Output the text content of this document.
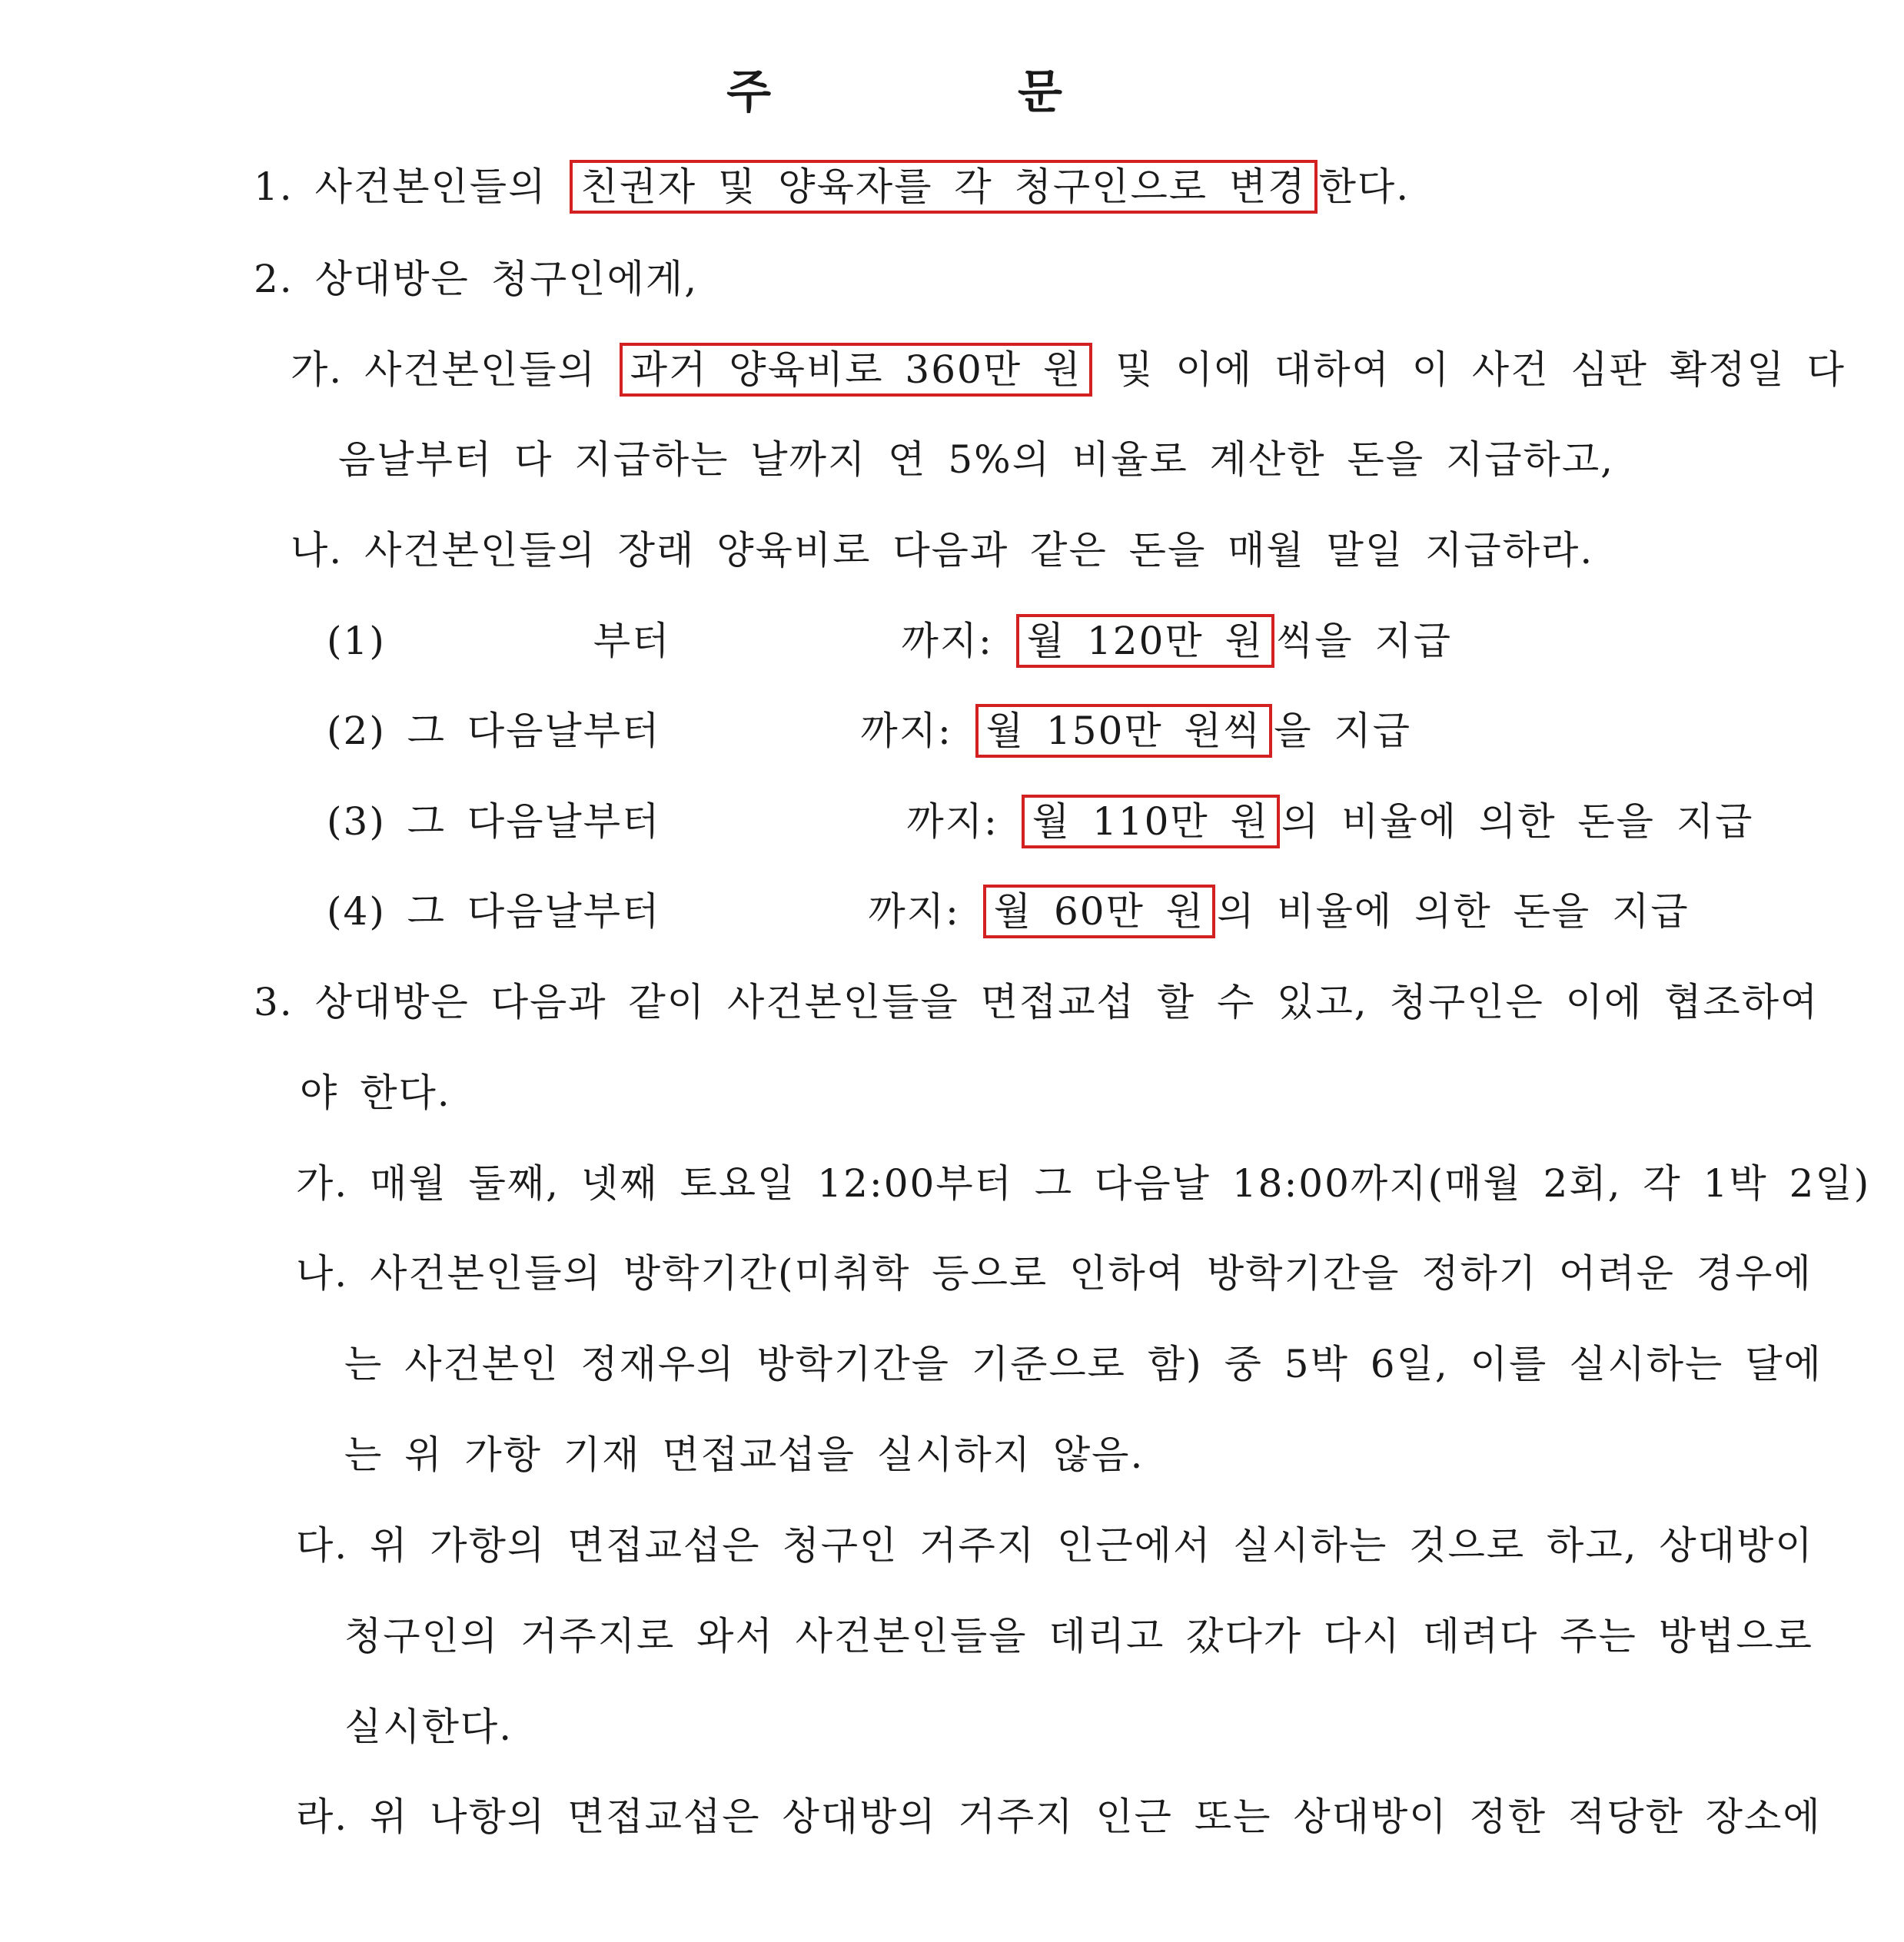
주 문
1. 사건본인들의 친권자 및 양육자를 각 청구인으로 변경 한다.
2. 상대방은 청구인에게,
가. 사건본인들의 과거 양육비로 360만 원 및 이에 대하여 이 사건 심판 확정일 다
음날부터 다 지급하는 날까지 연 5%의 비율로 계산한 돈을 지급하고,
나. 사건본인들의 장래 양육비로 다음과 같은 돈을 매월 말일 지급하라.
(1)	부터	까지: 월 120만 원 씩을 지급
(2) 그 다음날부터	까지: 월 150만 원씩 을 지급
(3) 그 다음날부터	까지: 월 110만 원 의 비율에 의한 돈을 지급
(4) 그 다음날부터	까지: 월 60만 원 의 비율에 의한 돈을 지급
3. 상대방은 다음과 같이 사건본인들을 면접교섭 할 수 있고, 청구인은 이에 협조하여
야 한다.
가. 매월 둘째, 넷째 토요일 12:00부터 그 다음날 18:00까지(매월 2회, 각 1박 2일)
나. 사건본인들의 방학기간(미취학 등으로 인하여 방학기간을 정하기 어려운 경우에
는 사건본인 정재우의 방학기간을 기준으로 함) 중 5박 6일, 이를 실시하는 달에
는 위 가항 기재 면접교섭을 실시하지 않음.
다. 위 가항의 면접교섭은 청구인 거주지 인근에서 실시하는 것으로 하고, 상대방이
청구인의 거주지로 와서 사건본인들을 데리고 갔다가 다시 데려다 주는 방법으로
실시한다.
라. 위 나항의 면접교섭은 상대방의 거주지 인근 또는 상대방이 정한 적당한 장소에
